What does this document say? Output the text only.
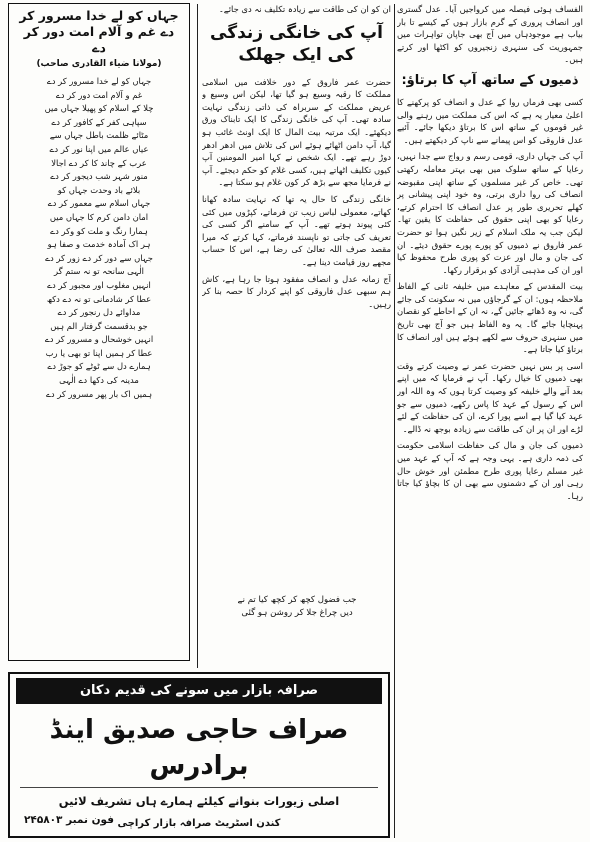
الفساف ہوئی فیصلہ میں کرواجیں آیا۔ عدل گستری اور انصاف پروری کے گرم بازار ہوں کے کیسے تا بار بیاب ہے موجودہاں میں آج بھی جاپان تواہرات میں جمہوریت کی سنہری زنجیروں کو اکٹھا اور کرتے ہیں۔

ذمیوں کے ساتھ آپ کا برتاؤ:

کسی بھی فرماں روا کے عدل و انصاف کو پرکھنے کا اعلیٰ معیار یہ ہے کہ اس کی مملکت میں رہنے والی غیر قوموں کے ساتھ اس کا برتاؤ دیکھا جائے۔ آئیے عدل فاروقی کو اس پیمانے سے ناپ کر دیکھتے ہیں۔

آپ کی جہاں داری، قومی رسم و رواج سے جدا نہیں، رعایا کے ساتھ سلوک میں بھی بہتر معاملہ رکھتی تھی۔ خاص کر غیر مسلموں کے ساتھ اپنی مقبوضہ انصاف کی روا داری برتی، وہ خود اپنی پیشانی پر کھلے تحریری طور پر عدل انصاف کا احترام کرتے، رعایا کو بھی اپنی حقوق کی حفاظت کا یقین تھا۔ لیکن جب یہ ملک اسلام کے زیر نگیں ہوا تو حضرت عمر فاروق نے ذمیوں کو پورے پورے حقوق دیئے۔ ان کی جان و مال اور عزت کو پوری طرح محفوظ کیا اور ان کی مذہبی آزادی کو برقرار رکھا۔

بیت المقدس کے معاہدے میں خلیفہ ثانی کے الفاظ ملاحظہ ہوں: ان کے گرجاؤں میں نہ سکونت کی جائے گی، نہ وہ ڈھائے جائیں گے، نہ ان کے احاطے کو نقصان پہنچایا جائے گا۔ یہ وہ الفاظ ہیں جو آج بھی تاریخ میں سنہری حروف سے لکھے ہوئے ہیں اور انصاف کا برتاؤ کیا جاتا ہے۔

اسی پر بس نہیں حضرت عمر نے وصیت کرتے وقت بھی ذمیوں کا خیال رکھا۔ آپ نے فرمایا کہ میں اپنے بعد آنے والے خلیفہ کو وصیت کرتا ہوں کہ وہ اللہ اور اس کے رسول کے عہد کا پاس رکھے، ذمیوں سے جو عہد کیا گیا ہے اسے پورا کرے، ان کی حفاظت کے لئے لڑے اور ان پر ان کی طاقت سے زیادہ بوجھ نہ ڈالے۔

ذمیوں کی جان و مال کی حفاظت اسلامی حکومت کی ذمہ داری ہے۔ یہی وجہ ہے کہ آپ کے عہد میں غیر مسلم رعایا پوری طرح مطمئن اور خوش حال رہی اور ان کے دشمنوں سے بھی ان کا بچاؤ کیا جاتا رہا۔

ان کو ان کی طاقت سے زیادہ تکلیف نہ دی جائے۔

آپ کی خانگی زندگی کی ایک جھلک

حضرت عمر فاروق کے دور خلافت میں اسلامی مملکت کا رقبہ وسیع ہو گیا تھا، لیکن اس وسیع و عریض مملکت کے سربراہ کی ذاتی زندگی نہایت سادہ تھی۔ آپ کی خانگی زندگی کا ایک تابناک ورق دیکھئے۔ ایک مرتبہ بیت المال کا ایک اونٹ غائب ہو گیا، آپ دامن اٹھائے ہوئے اس کی تلاش میں ادھر ادھر دوڑ رہے تھے۔ ایک شخص نے کہا امیر المومنین آپ کیوں تکلیف اٹھاتے ہیں، کسی غلام کو حکم دیجئے۔ آپ نے فرمایا مجھ سے بڑھ کر کون غلام ہو سکتا ہے۔

خانگی زندگی کا حال یہ تھا کہ نہایت سادہ کھانا کھاتے، معمولی لباس زیب تن فرماتے، کپڑوں میں کئی کئی پیوند ہوتے تھے۔ آپ کے سامنے اگر کسی کی تعریف کی جاتی تو ناپسند فرماتے، کہا کرتے کہ میرا مقصد صرف اللہ تعالیٰ کی رضا ہے، اس کا حساب مجھے روز قیامت دینا ہے۔

آج زمانہ عدل و انصاف مفقود ہوتا جا رہا ہے، کاش ہم سبھی عدل فاروقی کو اپنے کردار کا حصہ بنا کر رہیں۔

جب فضول کچھ کر کچھ کیا تم نے
دیں چراغ جلا کر روشن ہو گئی
جہاں کو لے خدا مسرور کر دے غم و آلام امت دور کر دے
(مولانا ضیاء القادری صاحب)
جہاں کو لے خدا مسرور کر دے
غم و آلام امت دور کر دے
چلا کے اسلام کو پھیلا جہاں میں
سپاہی کفر کے کافور کر دے
مٹائے ظلمت باطل جہاں سے
عیاں عالم میں اپنا نور کر دے
عرب کے چاند کا کر دے اجالا
منور شہر شب دیجور کر دے
بلائے باد وحدت جہاں کو
جہاں اسلام سے معمور کر دے
امان دامن کرم کا جہاں میں
ہمارا رنگ و ملت کو وکر دے
ہر اک آمادہ خدمت و صفا ہو
جہاں سے دور کر دے زور کر دے
الٰہی سانحہ تو نہ ستم گر
انہیں مغلوب اور مجبور کر دے
عطا کر شادمانی تو نہ دے دکھ
مداوائے دل رنجور کر دے
جو بدقسمت گرفتار الم ہیں
انہیں خوشحال و مسرور کر دے
عطا کر ہمیں اپنا تو بھی یا رب
ہمارے دل سے ٹوٹے کو جوڑ دے
مدینہ کی دکھا دے الٰہی
ہمیں اک بار پھر مسرور کر دے
صرافہ بازار میں سونے کی قدیم دکان
صراف حاجی صدیق اینڈ برادرس
اصلی زیورات بنوانے کیلئے ہمارے ہاں تشریف لائیں
کندن اسٹریٹ صرافہ بازار کراچی
فون نمبر ۲۴۵۸۰۳
